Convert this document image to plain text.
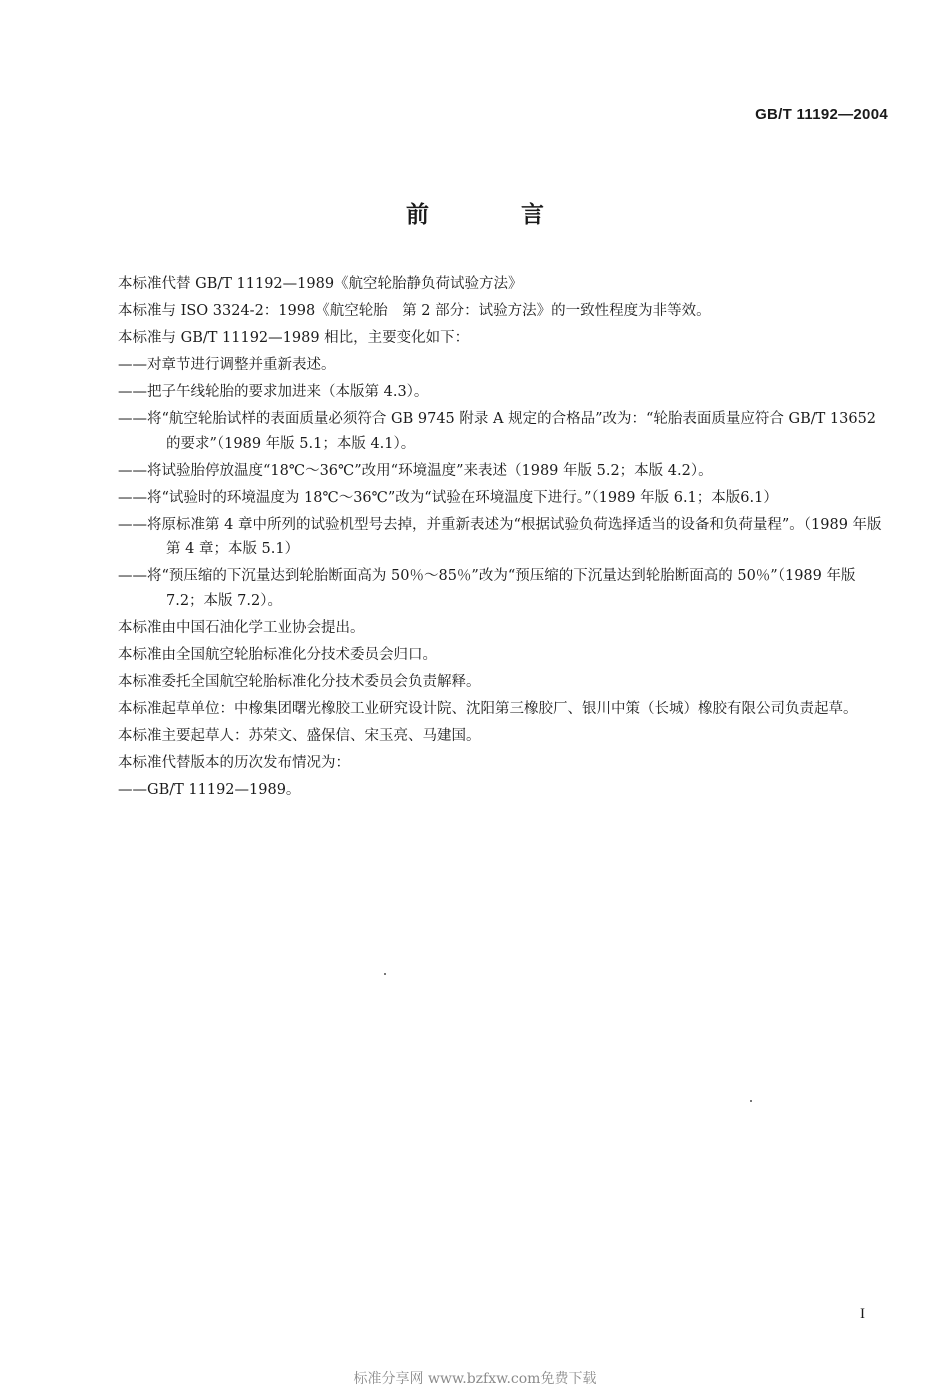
GB/T 11192—2004
前 言

本标准代替 GB/T 11192—1989《航空轮胎静负荷试验方法》

本标准与 ISO 3324-2：1998《航空轮胎　第 2 部分：试验方法》的一致性程度为非等效。

本标准与 GB/T 11192—1989 相比，主要变化如下：

——对章节进行调整并重新表述。

——把子午线轮胎的要求加进来（本版第 4.3）。

——将“航空轮胎试样的表面质量必须符合 GB 9745 附录 A 规定的合格品”改为：“轮胎表面质量应符合 GB/T 13652 的要求”（1989 年版 5.1；本版 4.1）。

——将试验胎停放温度“18℃～36℃”改用“环境温度”来表述（1989 年版 5.2；本版 4.2）。

——将“试验时的环境温度为 18℃～36℃”改为“试验在环境温度下进行。”（1989 年版 6.1；本版6.1）

——将原标准第 4 章中所列的试验机型号去掉，并重新表述为“根据试验负荷选择适当的设备和负荷量程”。（1989 年版第 4 章；本版 5.1）

——将“预压缩的下沉量达到轮胎断面高为 50％～85％”改为“预压缩的下沉量达到轮胎断面高的 50％”（1989 年版 7.2；本版 7.2）。

本标准由中国石油化学工业协会提出。

本标准由全国航空轮胎标准化分技术委员会归口。

本标准委托全国航空轮胎标准化分技术委员会负责解释。

本标准起草单位：中橡集团曙光橡胶工业研究设计院、沈阳第三橡胶厂、银川中策（长城）橡胶有限公司负责起草。

本标准主要起草人：苏荣文、盛保信、宋玉亮、马建国。

本标准代替版本的历次发布情况为：

——GB/T 11192—1989。

I
标准分享网 www.bzfxw.com免费下载
